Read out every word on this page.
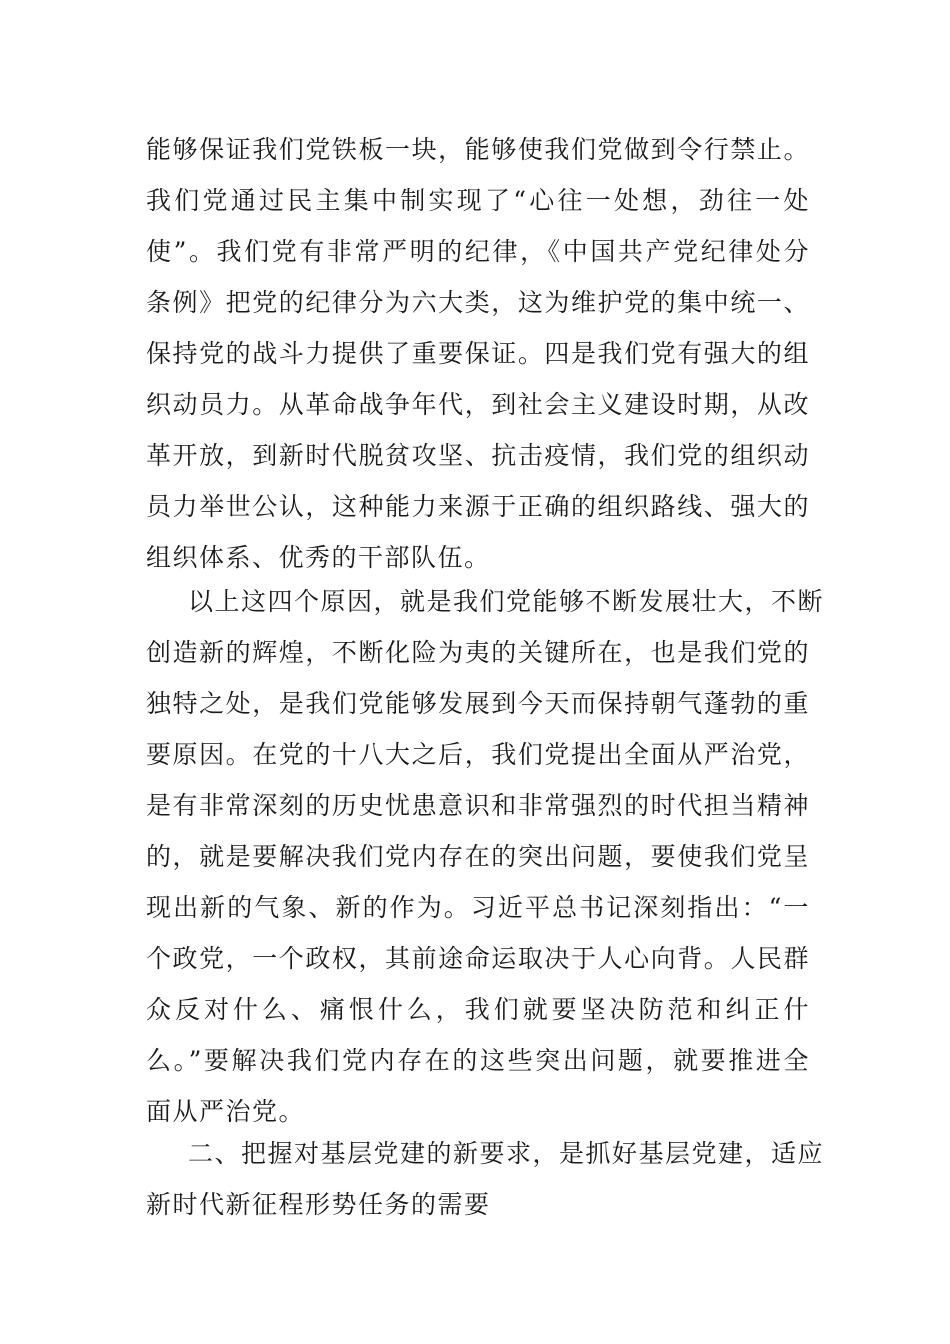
能够保证我们党铁板一块，能够使我们党做到令行禁止。
我们党通过民主集中制实现了“心往一处想，劲往一处
使”。我们党有非常严明的纪律，《中国共产党纪律处分
条例》把党的纪律分为六大类，这为维护党的集中统一、
保持党的战斗力提供了重要保证。四是我们党有强大的组
织动员力。从革命战争年代，到社会主义建设时期，从改
革开放，到新时代脱贫攻坚、抗击疫情，我们党的组织动
员力举世公认，这种能力来源于正确的组织路线、强大的
组织体系、优秀的干部队伍。
以上这四个原因，就是我们党能够不断发展壮大，不断
创造新的辉煌，不断化险为夷的关键所在，也是我们党的
独特之处，是我们党能够发展到今天而保持朝气蓬勃的重
要原因。在党的十八大之后，我们党提出全面从严治党，
是有非常深刻的历史忧患意识和非常强烈的时代担当精神
的，就是要解决我们党内存在的突出问题，要使我们党呈
现出新的气象、新的作为。习近平总书记深刻指出：“一
个政党，一个政权，其前途命运取决于人心向背。人民群
众反对什么、痛恨什么，我们就要坚决防范和纠正什
么。”要解决我们党内存在的这些突出问题，就要推进全
面从严治党。
二、把握对基层党建的新要求，是抓好基层党建，适应
新时代新征程形势任务的需要
